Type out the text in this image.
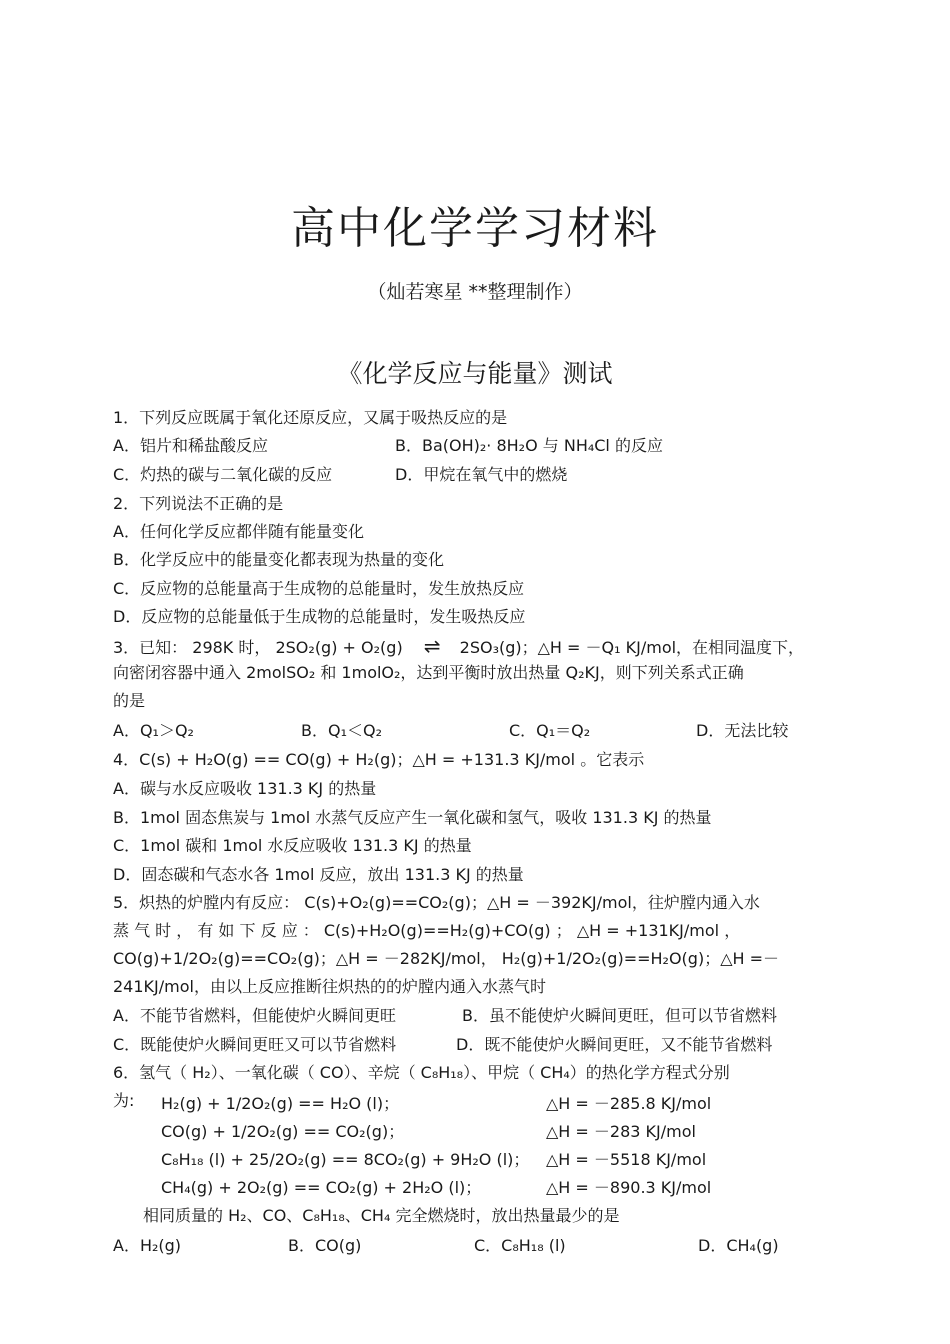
高中化学学习材料
（灿若寒星 **整理制作）
《化学反应与能量》测试
1．下列反应既属于氧化还原反应，又属于吸热反应的是
A．铝片和稀盐酸反应	B．Ba(OH)₂· 8H₂O 与 NH₄Cl 的反应
C．灼热的碳与二氧化碳的反应	D．甲烷在氧气中的燃烧
2．下列说法不正确的是
A．任何化学反应都伴随有能量变化
B．化学反应中的能量变化都表现为热量的变化
C．反应物的总能量高于生成物的总能量时，发生放热反应
D．反应物的总能量低于生成物的总能量时，发生吸热反应
3．已知： 298K 时， 2SO₂(g) + O₂(g) ⇌ 2SO₃(g)；△H = －Q₁ KJ/mol，在相同温度下，
向密闭容器中通入 2molSO₂ 和 1molO₂，达到平衡时放出热量 Q₂KJ，则下列关系式正确
的是
A．Q₁＞Q₂	B．Q₁＜Q₂	C．Q₁＝Q₂	D．无法比较
4．C(s) + H₂O(g) == CO(g) + H₂(g)；△H = +131.3 KJ/mol 。它表示
A．碳与水反应吸收 131.3 KJ 的热量
B．1mol 固态焦炭与 1mol 水蒸气反应产生一氧化碳和氢气，吸收 131.3 KJ 的热量
C．1mol 碳和 1mol 水反应吸收 131.3 KJ 的热量
D．固态碳和气态水各 1mol 反应，放出 131.3 KJ 的热量
5．炽热的炉膛内有反应： C(s)+O₂(g)==CO₂(g)；△H = －392KJ/mol，往炉膛内通入水
蒸 气 时 ， 有 如 下 反 应 ： C(s)+H₂O(g)==H₂(g)+CO(g) ； △H = +131KJ/mol ，
CO(g)+1/2O₂(g)==CO₂(g)；△H = －282KJ/mol， H₂(g)+1/2O₂(g)==H₂O(g)；△H =－
241KJ/mol，由以上反应推断往炽热的的炉膛内通入水蒸气时
A．不能节省燃料，但能使炉火瞬间更旺	B．虽不能使炉火瞬间更旺，但可以节省燃料
C．既能使炉火瞬间更旺又可以节省燃料	D．既不能使炉火瞬间更旺，又不能节省燃料
6．氢气（ H₂）、一氧化碳（ CO）、辛烷（ C₈H₁₈）、甲烷（ CH₄）的热化学方程式分别
为: H₂(g) + 1/2O₂(g) == H₂O (l)；	△H = －285.8 KJ/mol
CO(g) + 1/2O₂(g) == CO₂(g)；	△H = －283 KJ/mol
C₈H₁₈ (l) + 25/2O₂(g) == 8CO₂(g) + 9H₂O (l)； △H = －5518 KJ/mol
CH₄(g) + 2O₂(g) == CO₂(g) + 2H₂O (l)；	△H = －890.3 KJ/mol
相同质量的 H₂、CO、C₈H₁₈、CH₄ 完全燃烧时，放出热量最少的是
A．H₂(g)	B．CO(g)	C．C₈H₁₈ (l)	D．CH₄(g)
